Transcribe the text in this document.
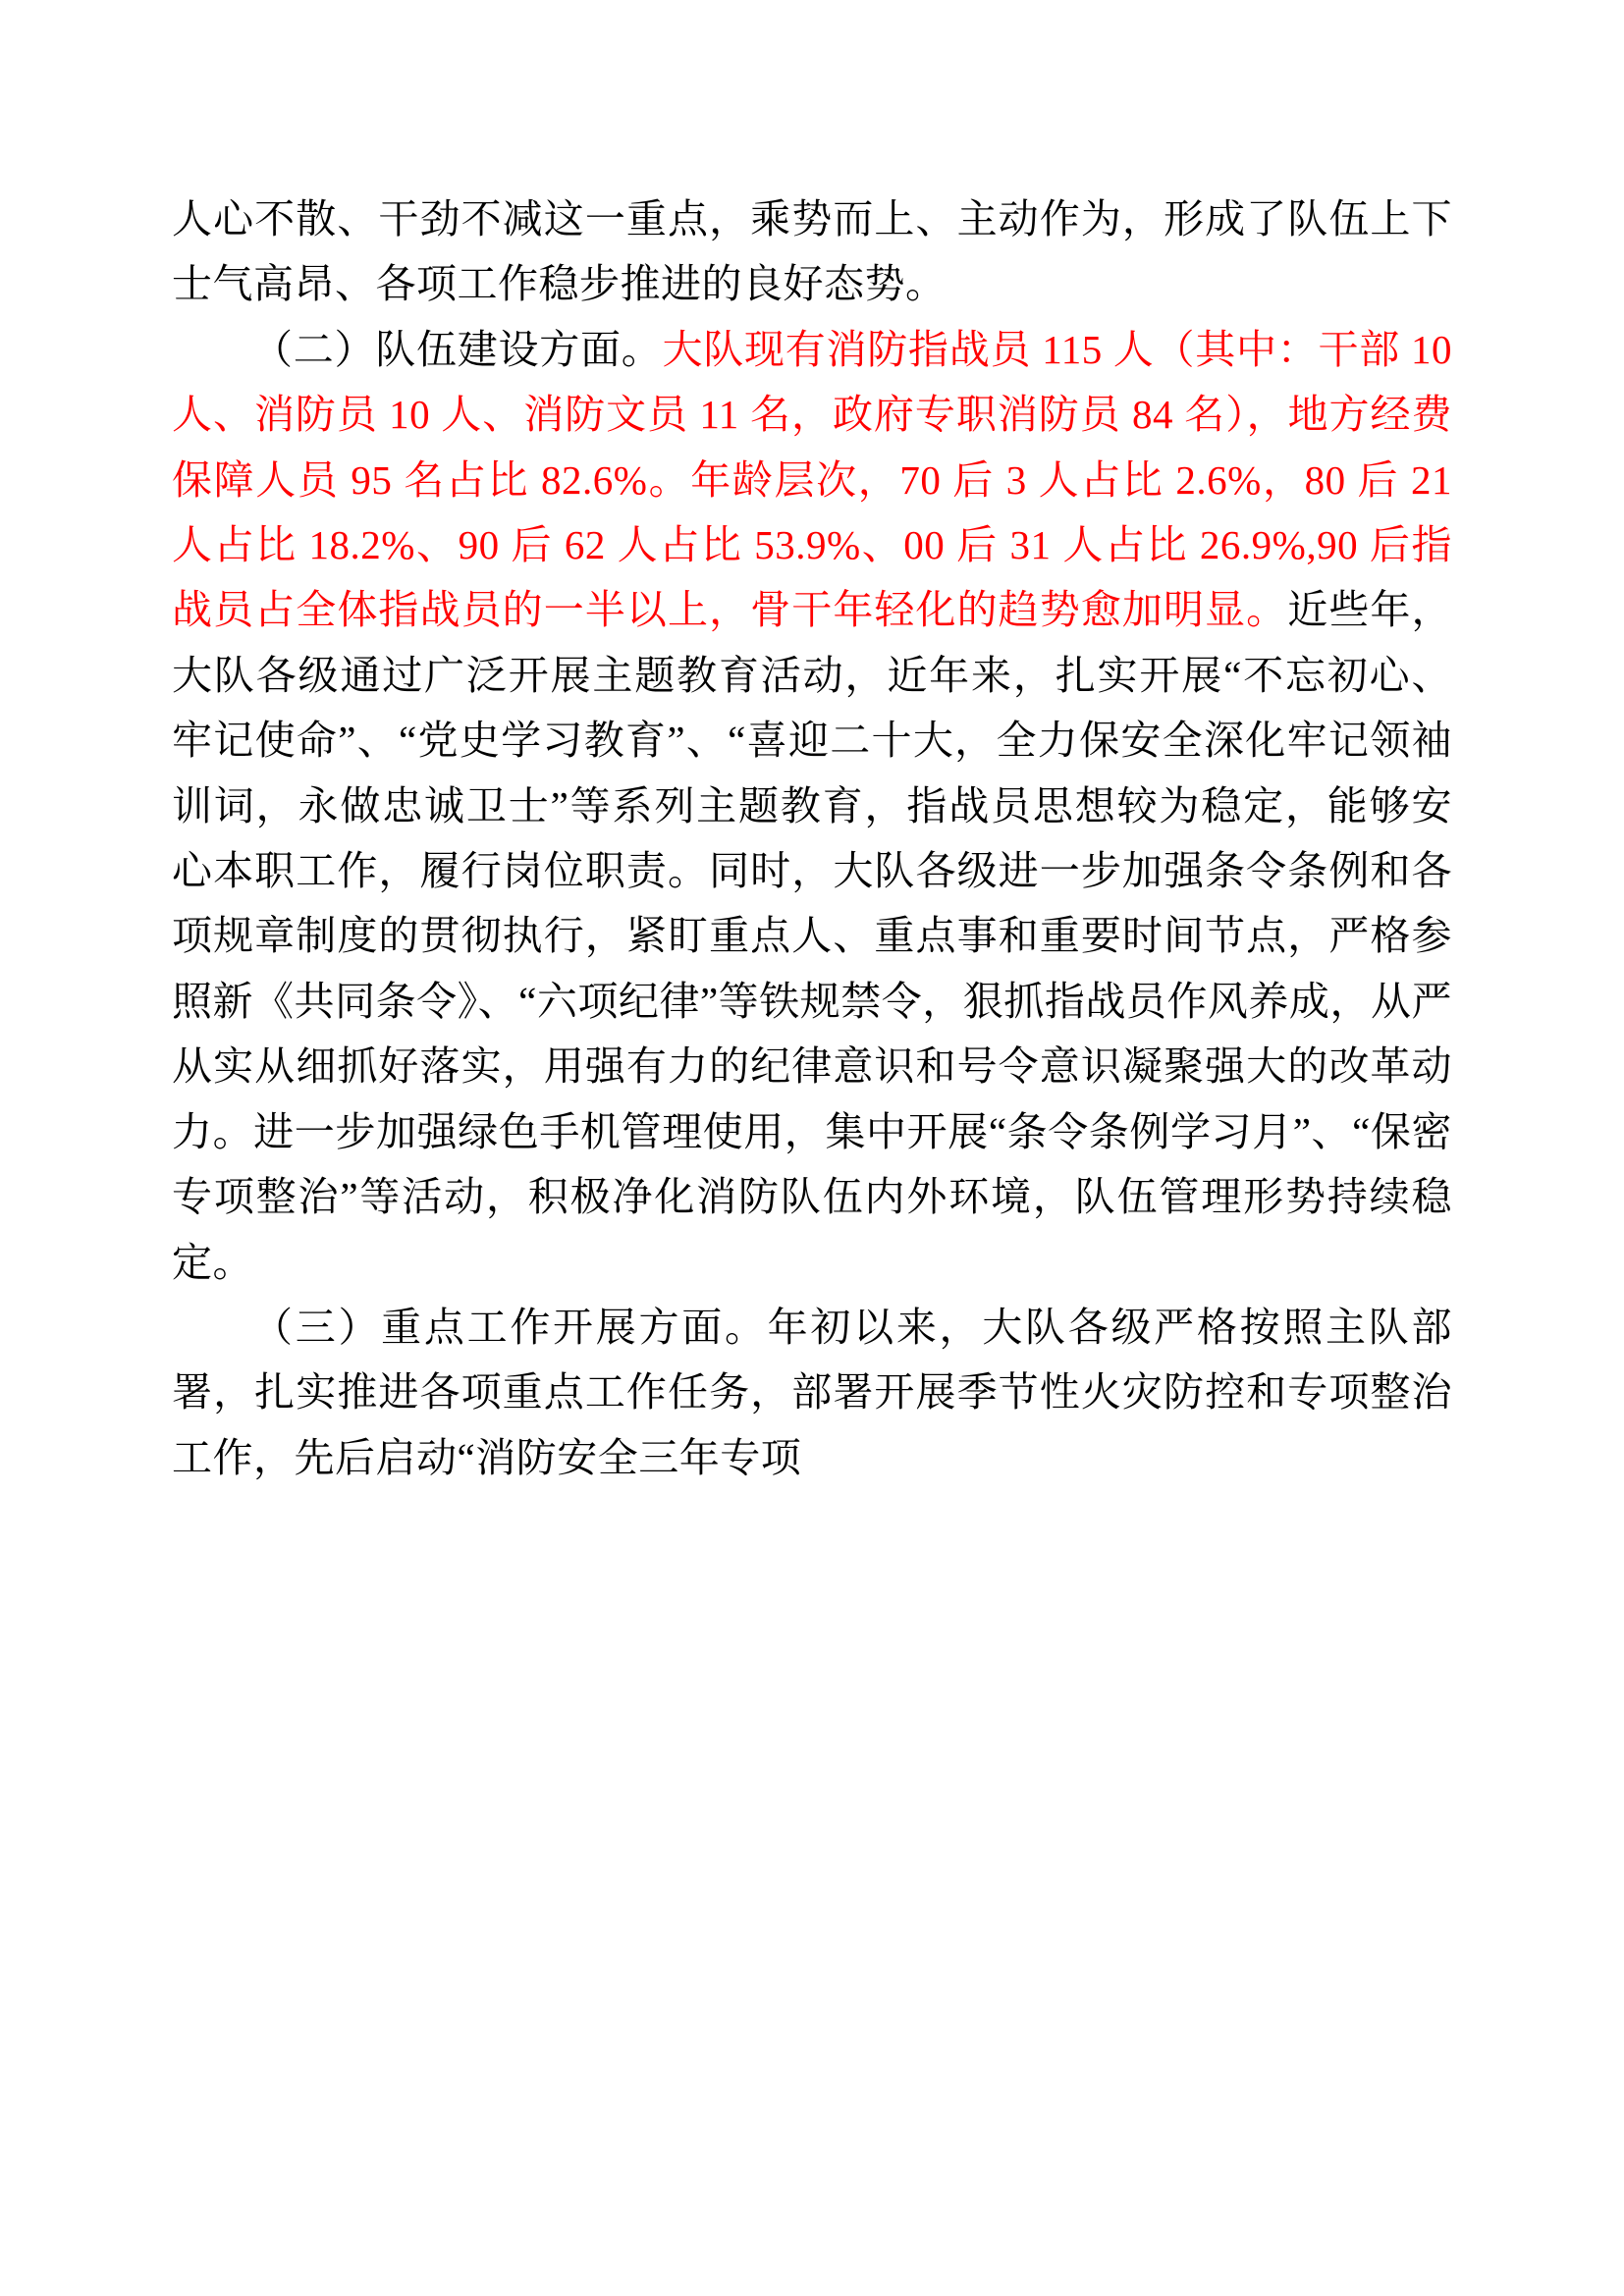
人心不散、干劲不减这一重点，乘势而上、主动作为，形成了队伍上下士气高昂、各项工作稳步推进的良好态势。

（二）队伍建设方面。大队现有消防指战员 115 人（其中：干部 10 人、消防员 10 人、消防文员 11 名，政府专职消防员 84 名），地方经费保障人员 95 名占比 82.6%。年龄层次，70 后 3 人占比 2.6%，80 后 21 人占比 18.2%、90 后 62 人占比 53.9%、00 后 31 人占比 26.9%,90 后指战员占全体指战员的一半以上，骨干年轻化的趋势愈加明显。近些年，大队各级通过广泛开展主题教育活动，近年来，扎实开展“不忘初心、牢记使命”、“党史学习教育”、“喜迎二十大，全力保安全深化牢记领袖训词，永做忠诚卫士”等系列主题教育，指战员思想较为稳定，能够安心本职工作，履行岗位职责。同时，大队各级进一步加强条令条例和各项规章制度的贯彻执行，紧盯重点人、重点事和重要时间节点，严格参照新《共同条令》、“六项纪律”等铁规禁令，狠抓指战员作风养成，从严从实从细抓好落实，用强有力的纪律意识和号令意识凝聚强大的改革动力。进一步加强绿色手机管理使用，集中开展“条令条例学习月”、“保密专项整治”等活动，积极净化消防队伍内外环境，队伍管理形势持续稳定。

（三）重点工作开展方面。年初以来，大队各级严格按照主队部署，扎实推进各项重点工作任务，部署开展季节性火灾防控和专项整治工作，先后启动“消防安全三年专项
